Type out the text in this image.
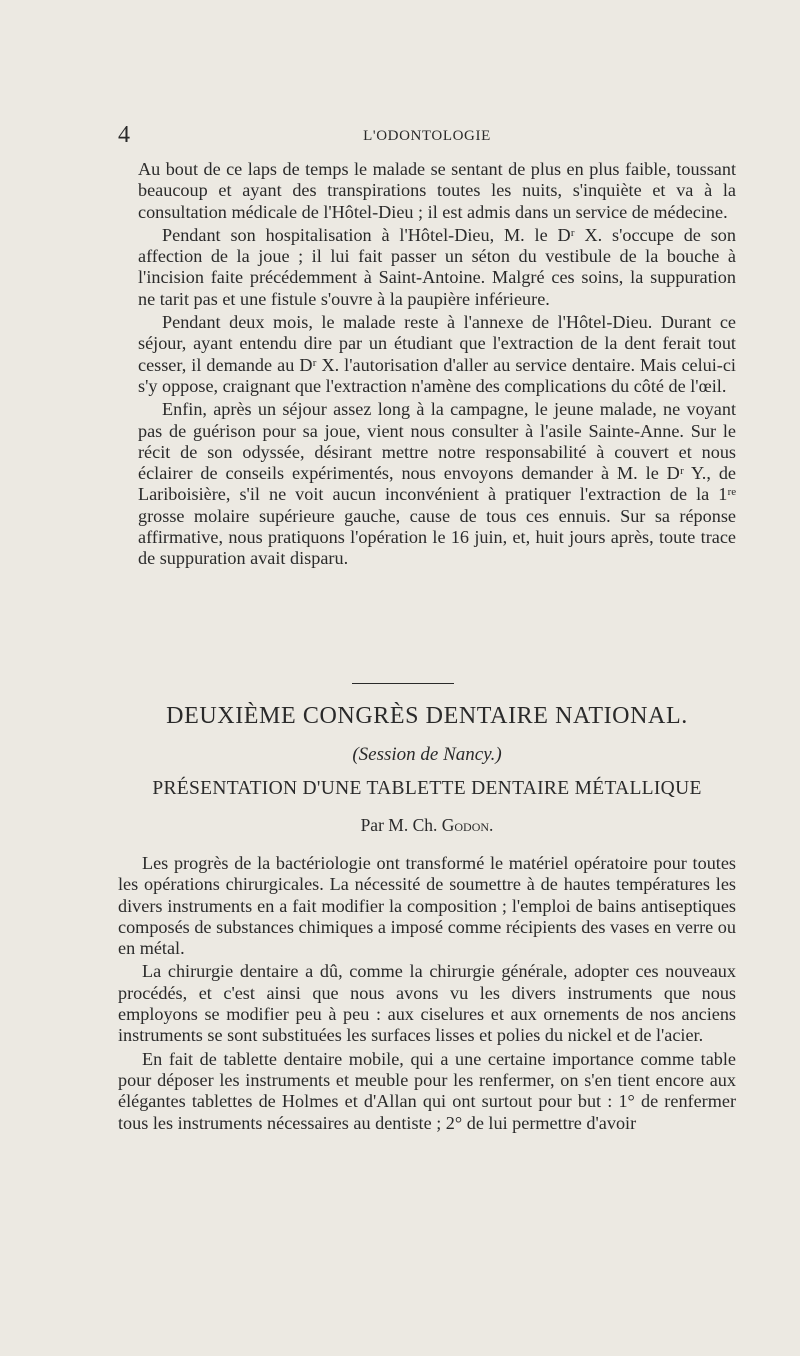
4	L'ODONTOLOGIE

Au bout de ce laps de temps le malade se sentant de plus en plus faible, toussant beaucoup et ayant des transpirations toutes les nuits, s'inquiète et va à la consultation médicale de l'Hôtel-Dieu ; il est admis dans un service de médecine.

Pendant son hospitalisation à l'Hôtel-Dieu, M. le Dʳ X. s'occupe de son affection de la joue ; il lui fait passer un séton du vestibule de la bouche à l'incision faite précédemment à Saint-Antoine. Malgré ces soins, la suppuration ne tarit pas et une fistule s'ouvre à la paupière inférieure.

Pendant deux mois, le malade reste à l'annexe de l'Hôtel-Dieu. Durant ce séjour, ayant entendu dire par un étudiant que l'extraction de la dent ferait tout cesser, il demande au Dʳ X. l'autorisation d'aller au service dentaire. Mais celui-ci s'y oppose, craignant que l'extraction n'amène des complications du côté de l'œil.

Enfin, après un séjour assez long à la campagne, le jeune malade, ne voyant pas de guérison pour sa joue, vient nous consulter à l'asile Sainte-Anne. Sur le récit de son odyssée, désirant mettre notre responsabilité à couvert et nous éclairer de conseils expérimentés, nous envoyons demander à M. le Dʳ Y., de Lariboisière, s'il ne voit aucun inconvénient à pratiquer l'extraction de la 1ʳᵉ grosse molaire supérieure gauche, cause de tous ces ennuis. Sur sa réponse affirmative, nous pratiquons l'opération le 16 juin, et, huit jours après, toute trace de suppuration avait disparu.

DEUXIÈME CONGRÈS DENTAIRE NATIONAL.
(Session de Nancy.)
PRÉSENTATION D'UNE TABLETTE DENTAIRE MÉTALLIQUE
Par M. Ch. Godon.

Les progrès de la bactériologie ont transformé le matériel opératoire pour toutes les opérations chirurgicales. La nécessité de soumettre à de hautes températures les divers instruments en a fait modifier la composition ; l'emploi de bains antiseptiques composés de substances chimiques a imposé comme récipients des vases en verre ou en métal.

La chirurgie dentaire a dû, comme la chirurgie générale, adopter ces nouveaux procédés, et c'est ainsi que nous avons vu les divers instruments que nous employons se modifier peu à peu : aux ciselures et aux ornements de nos anciens instruments se sont substituées les surfaces lisses et polies du nickel et de l'acier.

En fait de tablette dentaire mobile, qui a une certaine importance comme table pour déposer les instruments et meuble pour les renfermer, on s'en tient encore aux élégantes tablettes de Holmes et d'Allan qui ont surtout pour but : 1° de renfermer tous les instruments nécessaires au dentiste ; 2° de lui permettre d'avoir
